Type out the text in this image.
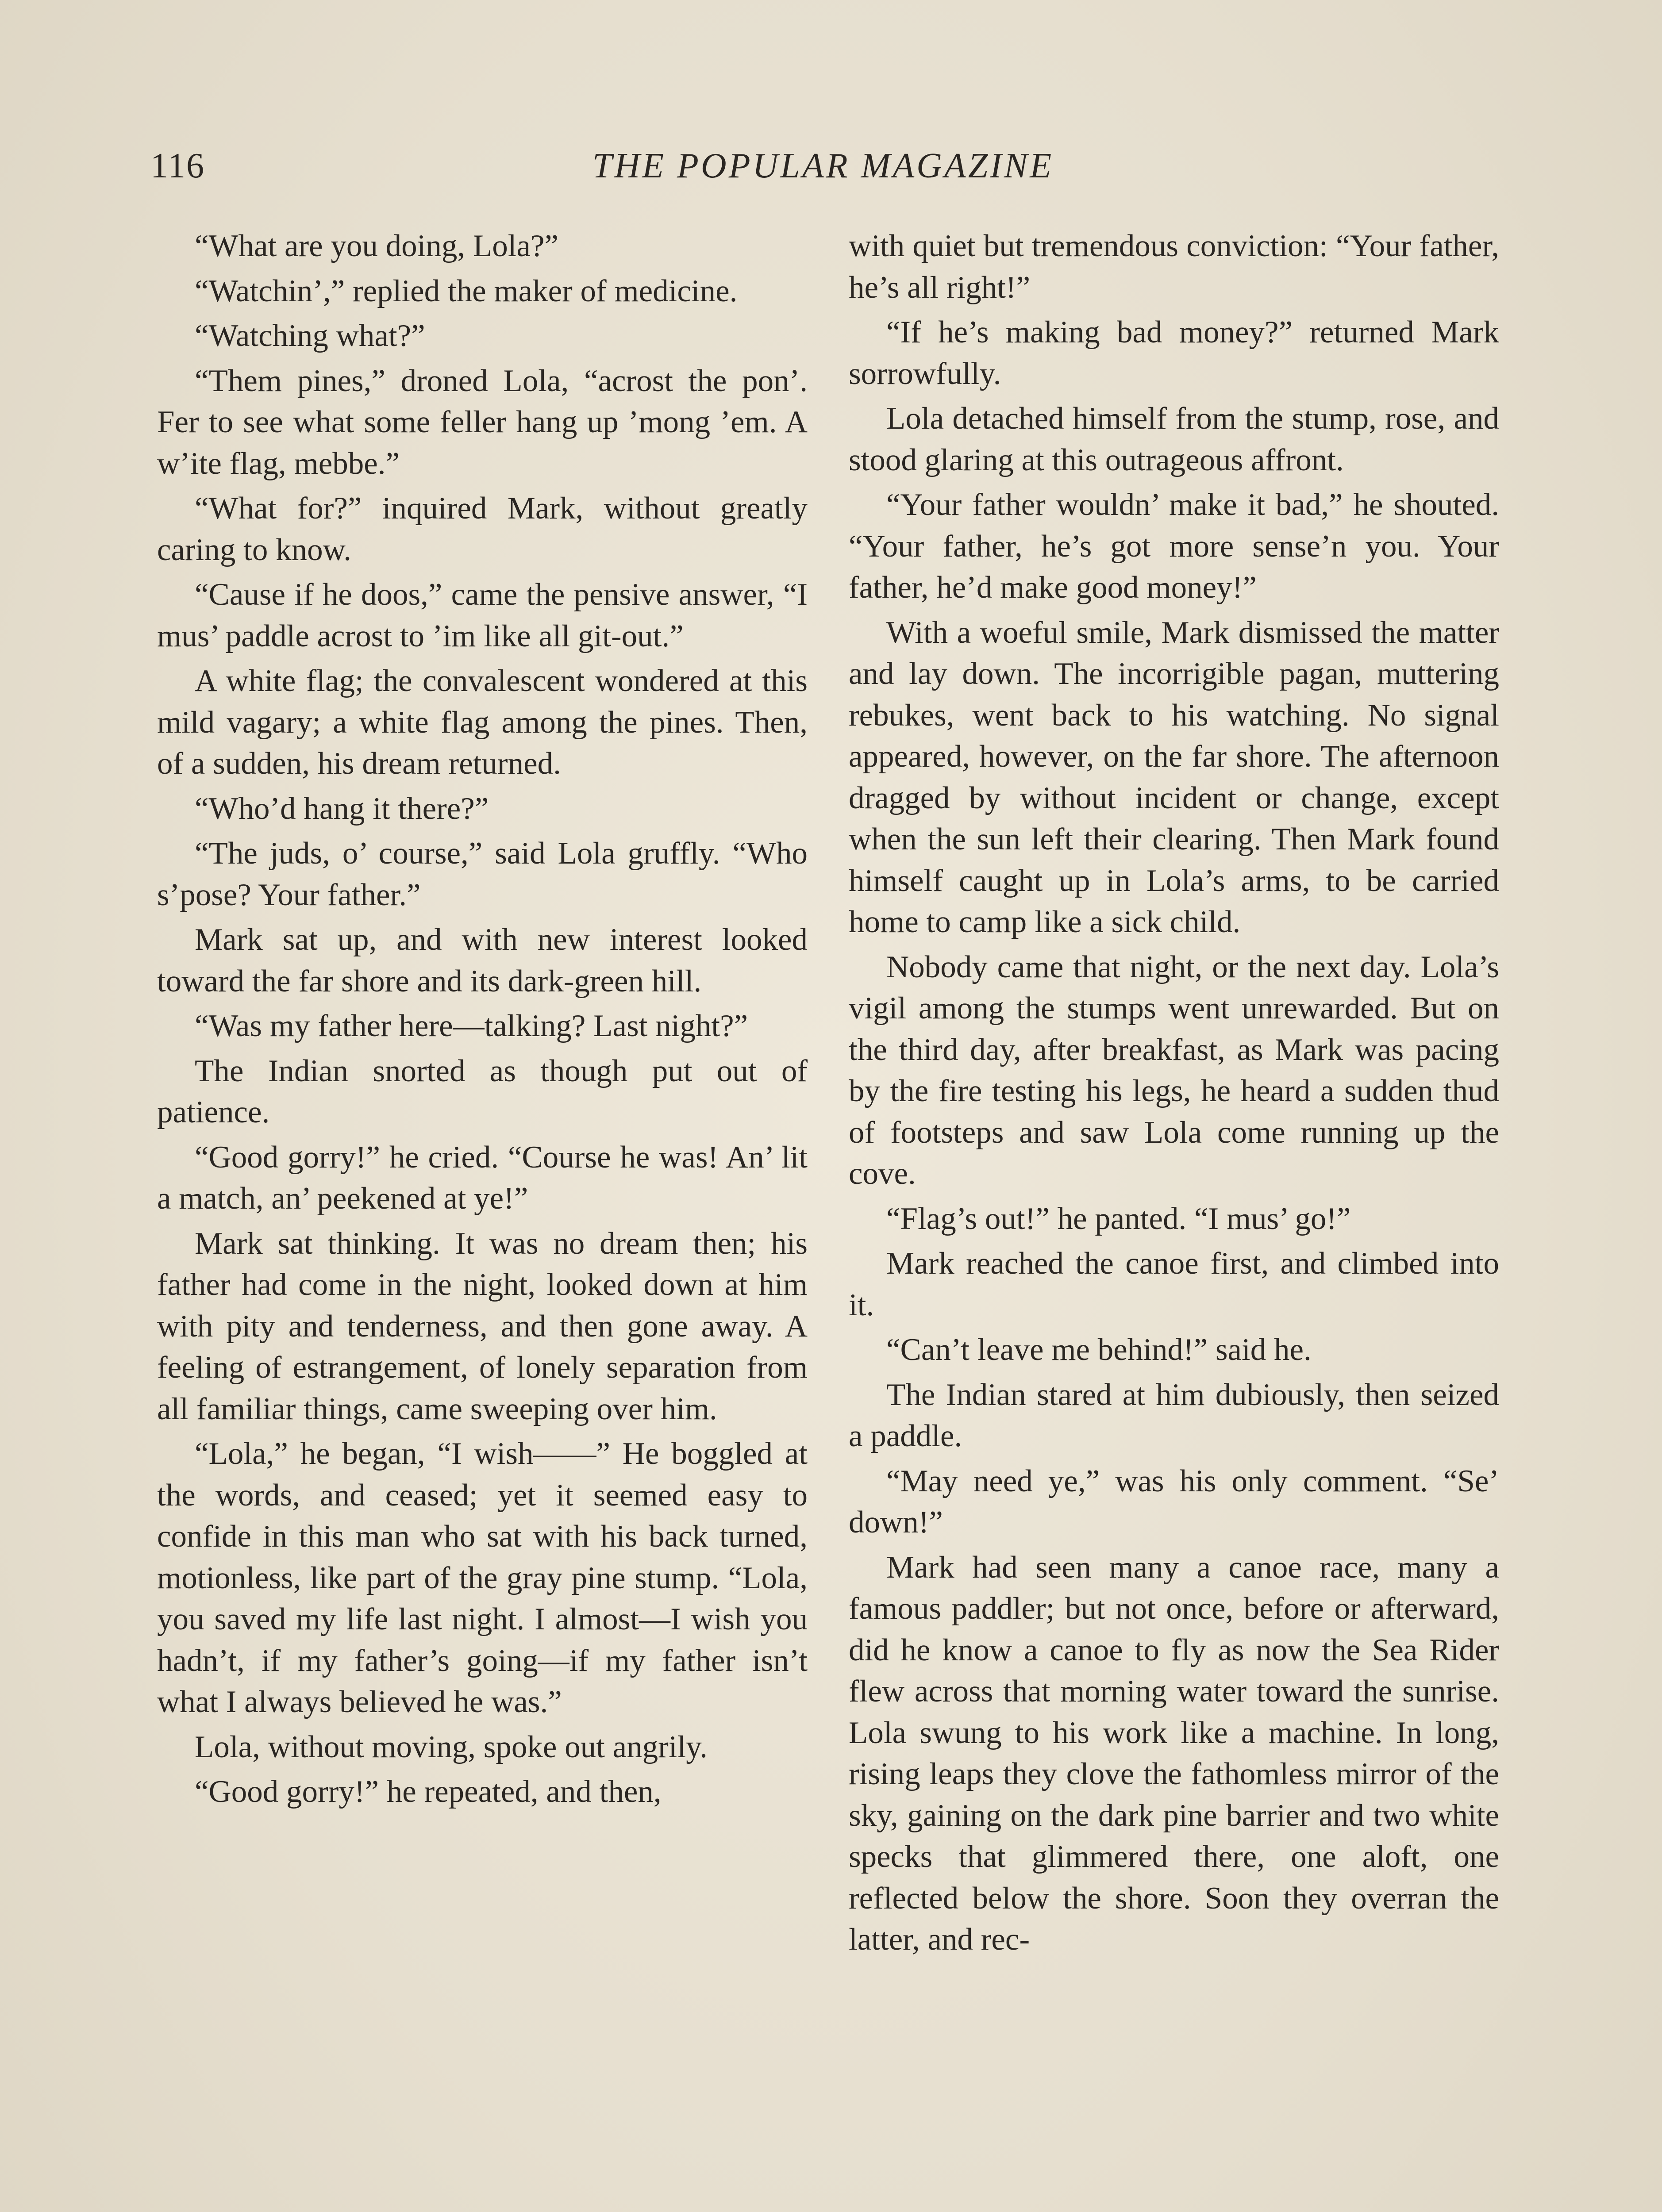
116	THE POPULAR MAGAZINE

“What are you doing, Lola?”

“Watchin’,” replied the maker of medicine.

“Watching what?”

“Them pines,” droned Lola, “acrost the pon’. Fer to see what some feller hang up ’mong ’em. A w’ite flag, mebbe.”

“What for?” inquired Mark, without greatly caring to know.

“Cause if he doos,” came the pensive answer, “I mus’ paddle acrost to ’im like all git-out.”

A white flag; the convalescent wondered at this mild vagary; a white flag among the pines. Then, of a sudden, his dream returned.

“Who’d hang it there?”

“The juds, o’ course,” said Lola gruffly. “Who s’pose? Your father.”

Mark sat up, and with new interest looked toward the far shore and its dark-green hill.

“Was my father here—talking? Last night?”

The Indian snorted as though put out of patience.

“Good gorry!” he cried. “Course he was! An’ lit a match, an’ peekened at ye!”

Mark sat thinking. It was no dream then; his father had come in the night, looked down at him with pity and tenderness, and then gone away. A feeling of estrangement, of lonely separation from all familiar things, came sweeping over him.

“Lola,” he began, “I wish——” He boggled at the words, and ceased; yet it seemed easy to confide in this man who sat with his back turned, motionless, like part of the gray pine stump. “Lola, you saved my life last night. I almost—I wish you hadn’t, if my father’s going—if my father isn’t what I always believed he was.”

Lola, without moving, spoke out angrily.

“Good gorry!” he repeated, and then,

with quiet but tremendous conviction: “Your father, he’s all right!”

“If he’s making bad money?” returned Mark sorrowfully.

Lola detached himself from the stump, rose, and stood glaring at this outrageous affront.

“Your father wouldn’ make it bad,” he shouted. “Your father, he’s got more sense’n you. Your father, he’d make good money!”

With a woeful smile, Mark dismissed the matter and lay down. The incorrigible pagan, muttering rebukes, went back to his watching. No signal appeared, however, on the far shore. The afternoon dragged by without incident or change, except when the sun left their clearing. Then Mark found himself caught up in Lola’s arms, to be carried home to camp like a sick child.

Nobody came that night, or the next day. Lola’s vigil among the stumps went unrewarded. But on the third day, after breakfast, as Mark was pacing by the fire testing his legs, he heard a sudden thud of footsteps and saw Lola come running up the cove.

“Flag’s out!” he panted. “I mus’ go!”

Mark reached the canoe first, and climbed into it.

“Can’t leave me behind!” said he.

The Indian stared at him dubiously, then seized a paddle.

“May need ye,” was his only comment. “Se’ down!”

Mark had seen many a canoe race, many a famous paddler; but not once, before or afterward, did he know a canoe to fly as now the Sea Rider flew across that morning water toward the sunrise. Lola swung to his work like a machine. In long, rising leaps they clove the fathomless mirror of the sky, gaining on the dark pine barrier and two white specks that glimmered there, one aloft, one reflected below the shore. Soon they overran the latter, and rec-
